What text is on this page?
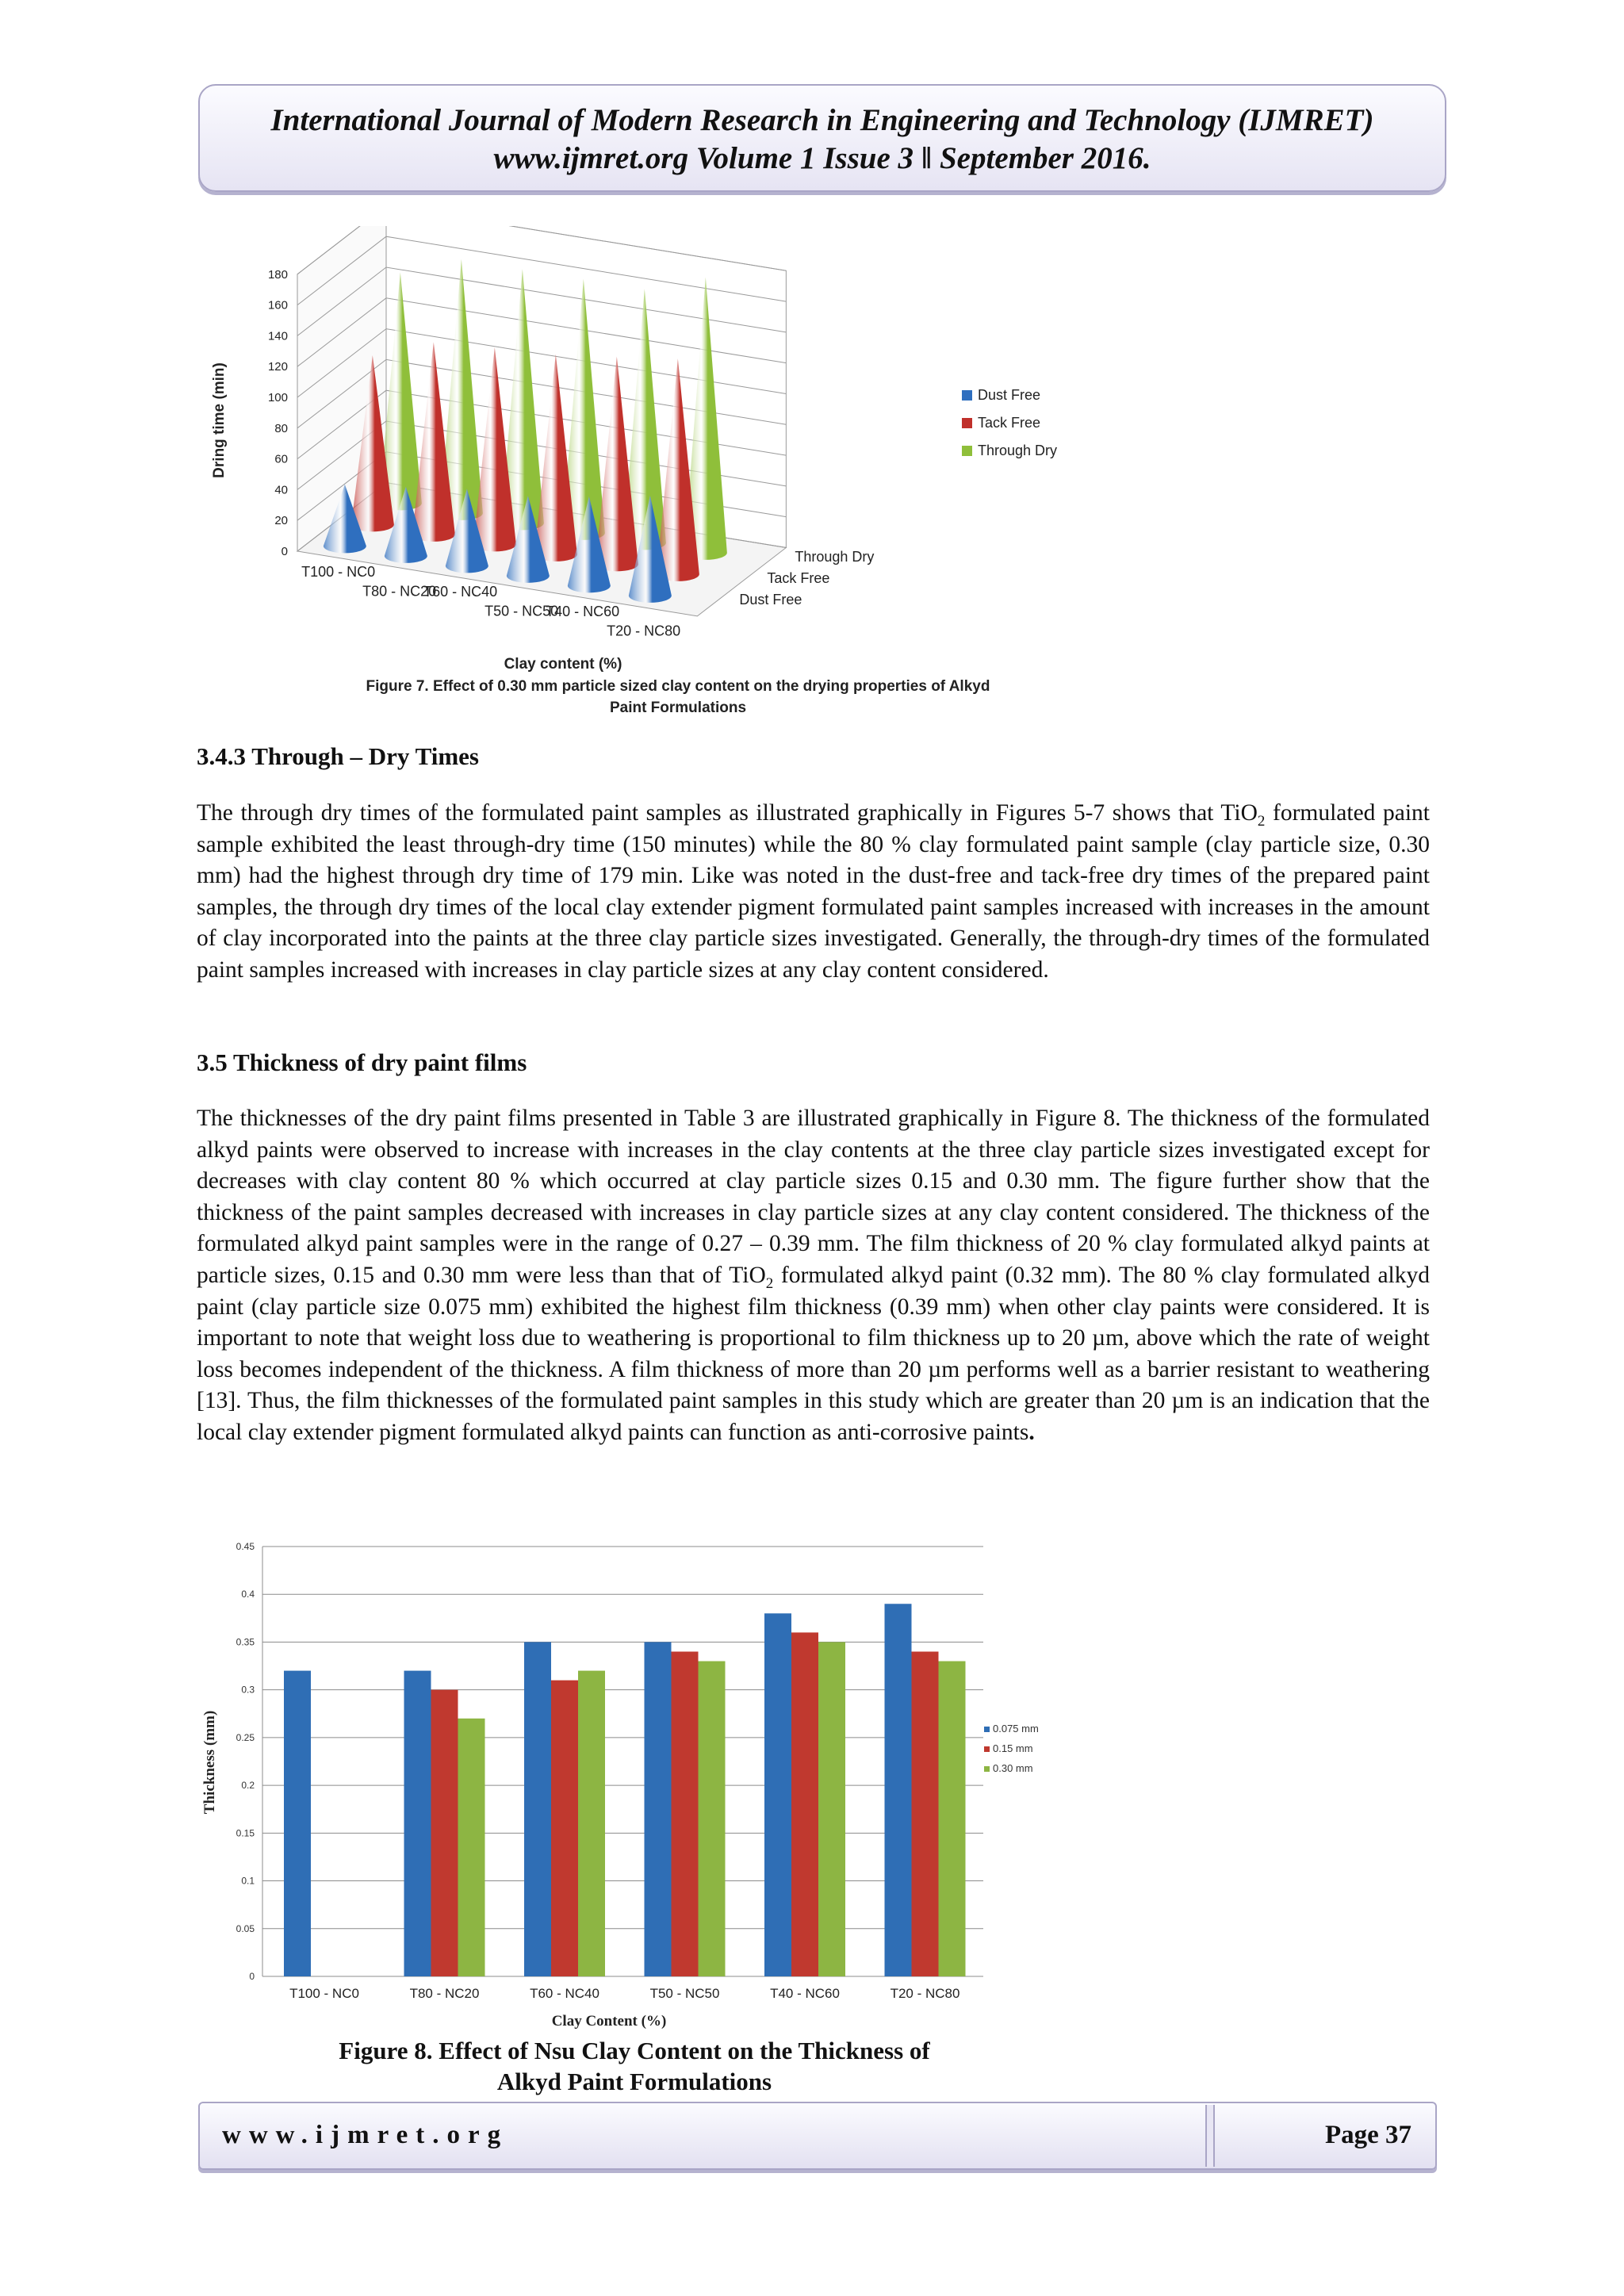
International Journal of Modern Research in Engineering and Technology (IJMRET)
www.ijmret.org Volume 1 Issue 3 ǁ September 2016.
0
20
40
60
80
100
120
140
160
180
T100 - NC0
T80 - NC20
T60 - NC40
T50 - NC50
T40 - NC60
T20 - NC80
Through Dry
Tack Free
Dust Free
Dring time (min)
Clay content (%)
Figure 7. Effect of 0.30 mm particle sized clay content on the drying properties of Alkyd
Paint Formulations
Dust Free
Tack Free
Through Dry
3.4.3 Through – Dry Times

The through dry times of the formulated paint samples as illustrated graphically in Figures 5-7 shows that TiO$_2$ formulated paint sample exhibited the least through-dry time (150 minutes) while the 80 % clay formulated paint sample (clay particle size, 0.30 mm) had the highest through dry time of 179 min. Like was noted in the dust-free and tack-free dry times of the prepared paint samples, the through dry times of the local clay extender pigment formulated paint samples increased with increases in the amount of clay incorporated into the paints at the three clay particle sizes investigated. Generally, the through-dry times of the formulated paint samples increased with increases in clay particle sizes at any clay content considered.

3.5 Thickness of dry paint films

The thicknesses of the dry paint films presented in Table 3 are illustrated graphically in Figure 8. The thickness of the formulated alkyd paints were observed to increase with increases in the clay contents at the three clay particle sizes investigated except for decreases with clay content 80 % which occurred at clay particle sizes 0.15 and 0.30 mm. The figure further show that the thickness of the paint samples decreased with increases in clay particle sizes at any clay content considered. The thickness of the formulated alkyd paint samples were in the range of 0.27 – 0.39 mm. The film thickness of 20 % clay formulated alkyd paints at particle sizes, 0.15 and 0.30 mm were less than that of TiO$_2$ formulated alkyd paint (0.32 mm). The 80 % clay formulated alkyd paint (clay particle size 0.075 mm) exhibited the highest film thickness (0.39 mm) when other clay paints were considered. It is important to note that weight loss due to weathering is proportional to film thickness up to 20 µm, above which the rate of weight loss becomes independent of the thickness. A film thickness of more than 20 µm performs well as a barrier resistant to weathering [13]. Thus, the film thicknesses of the formulated paint samples in this study which are greater than 20 µm is an indication that the local clay extender pigment formulated alkyd paints can function as anti-corrosive paints.

0
0.05
0.1
0.15
0.2
0.25
0.3
0.35
0.4
0.45
T100 - NC0	T80 - NC20	T60 - NC40	T50 - NC50	T40 - NC60	T20 - NC80
0.075 mm
0.15 mm
0.30 mm
Thickness (mm)
Clay Content (%)
Figure 8. Effect of Nsu Clay Content on the Thickness of
Alkyd Paint Formulations
www.ijmret.org	Page 37
